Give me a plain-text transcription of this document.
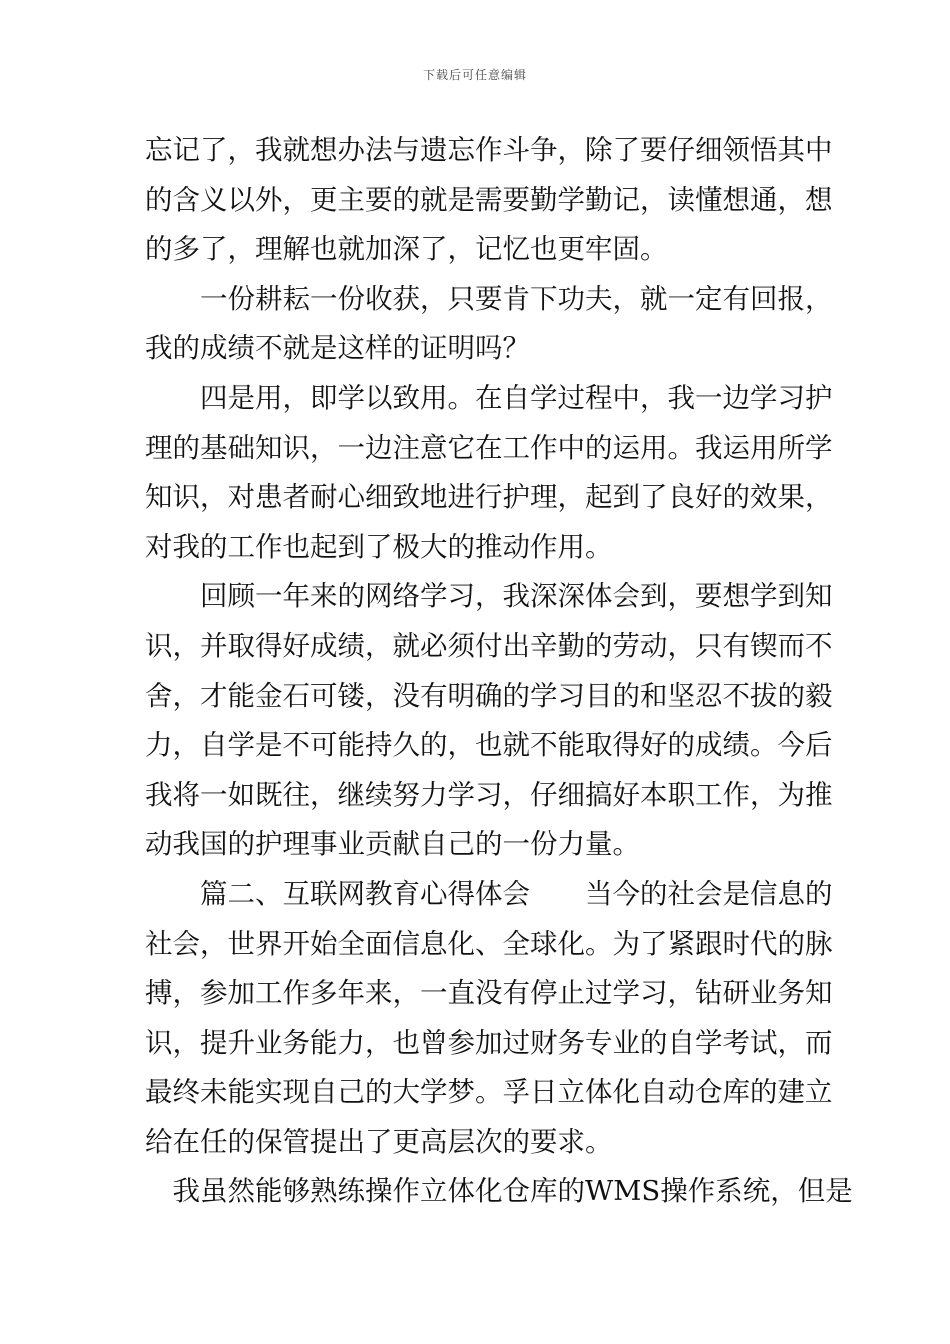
下载后可任意编辑

忘记了，我就想办法与遗忘作斗争，除了要仔细领悟其中
的含义以外，更主要的就是需要勤学勤记，读懂想通，想
的多了，理解也就加深了，记忆也更牢固。

　　一份耕耘一份收获，只要肯下功夫，就一定有回报，
我的成绩不就是这样的证明吗？

　　四是用，即学以致用。在自学过程中，我一边学习护
理的基础知识，一边注意它在工作中的运用。我运用所学
知识，对患者耐心细致地进行护理，起到了良好的效果，
对我的工作也起到了极大的推动作用。

　　回顾一年来的网络学习，我深深体会到，要想学到知
识，并取得好成绩，就必须付出辛勤的劳动，只有锲而不
舍，才能金石可镂，没有明确的学习目的和坚忍不拔的毅
力，自学是不可能持久的，也就不能取得好的成绩。今后
我将一如既往，继续努力学习，仔细搞好本职工作，为推
动我国的护理事业贡献自己的一份力量。

　　篇二、互联网教育心得体会　　当今的社会是信息的
社会，世界开始全面信息化、全球化。为了紧跟时代的脉
搏，参加工作多年来，一直没有停止过学习，钻研业务知
识，提升业务能力，也曾参加过财务专业的自学考试，而
最终未能实现自己的大学梦。孚日立体化自动仓库的建立
给在任的保管提出了更高层次的要求。

　我虽然能够熟练操作立体化仓库的WMS操作系统，但是
